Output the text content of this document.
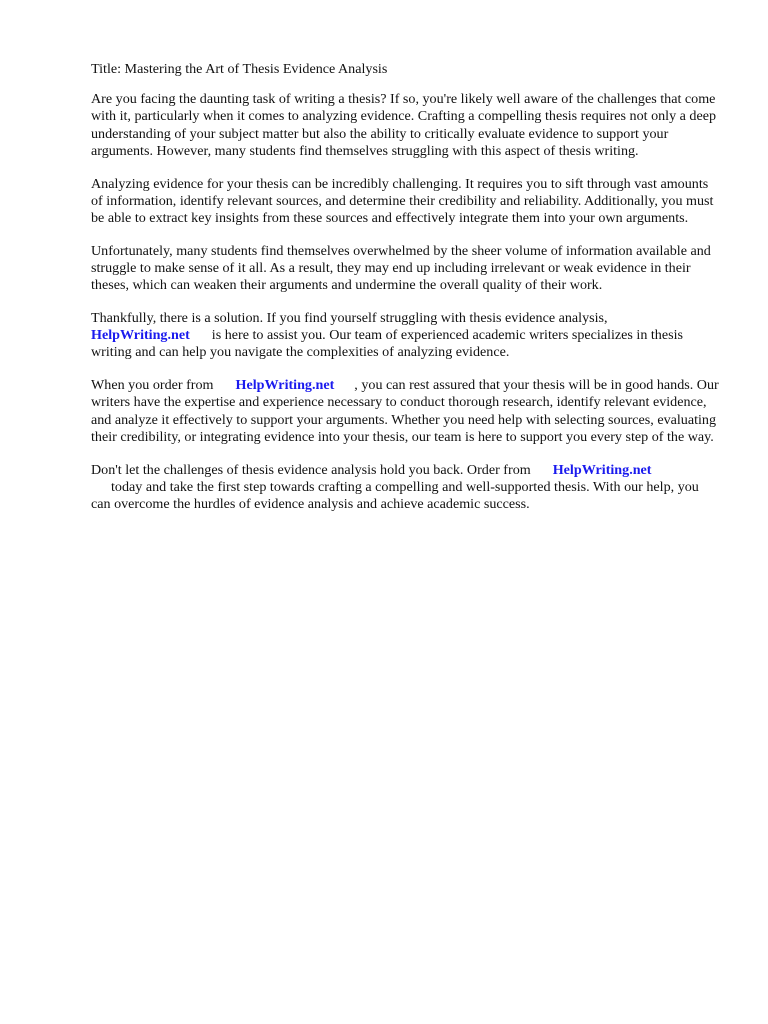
Title: Mastering the Art of Thesis Evidence Analysis

Are you facing the daunting task of writing a thesis? If so, you're likely well aware of the challenges that come with it, particularly when it comes to analyzing evidence. Crafting a compelling thesis requires not only a deep understanding of your subject matter but also the ability to critically evaluate evidence to support your arguments. However, many students find themselves struggling with this aspect of thesis writing.

Analyzing evidence for your thesis can be incredibly challenging. It requires you to sift through vast amounts of information, identify relevant sources, and determine their credibility and reliability. Additionally, you must be able to extract key insights from these sources and effectively integrate them into your own arguments.

Unfortunately, many students find themselves overwhelmed by the sheer volume of information available and struggle to make sense of it all. As a result, they may end up including irrelevant or weak evidence in their theses, which can weaken their arguments and undermine the overall quality of their work.

Thankfully, there is a solution. If you find yourself struggling with thesis evidence analysis,
HelpWriting.net is here to assist you. Our team of experienced academic writers specializes in thesis writing and can help you navigate the complexities of analyzing evidence.

When you order from HelpWriting.net , you can rest assured that your thesis will be in good hands. Our writers have the expertise and experience necessary to conduct thorough research, identify relevant evidence, and analyze it effectively to support your arguments. Whether you need help with selecting sources, evaluating their credibility, or integrating evidence into your thesis, our team is here to support you every step of the way.

Don't let the challenges of thesis evidence analysis hold you back. Order from HelpWriting.net
today and take the first step towards crafting a compelling and well-supported thesis. With our help, you can overcome the hurdles of evidence analysis and achieve academic success.
